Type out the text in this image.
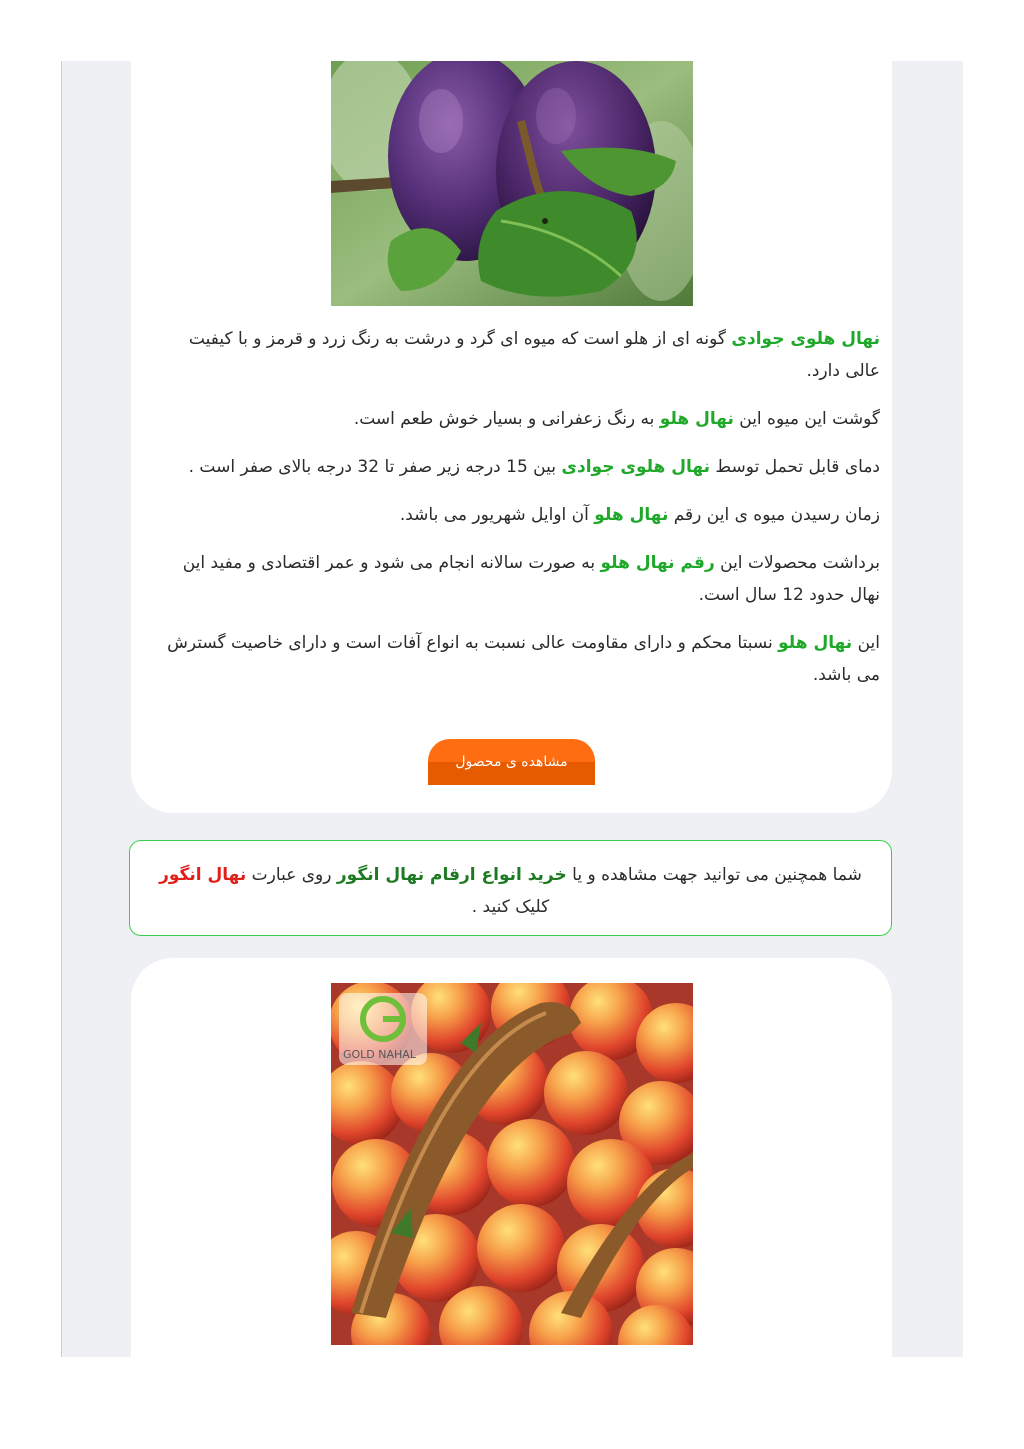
نهال هلوی جوادی گونه ای از هلو است که میوه ای گرد و درشت به رنگ زرد و قرمز و با کیفیت عالی دارد.

گوشت این میوه این نهال هلو به رنگ زعفرانی و بسیار خوش طعم است.

دمای قابل تحمل توسط نهال هلوی جوادی بین 15 درجه زیر صفر تا 32 درجه بالای صفر است .

زمان رسیدن میوه ی این رقم نهال هلو آن اوایل شهریور می باشد.

برداشت محصولات این رقم نهال هلو به صورت سالانه انجام می شود و عمر اقتصادی و مفید این نهال حدود 12 سال است.

این نهال هلو نسبتا محکم و دارای مقاومت عالی نسبت به انواع آفات است و دارای خاصیت گسترش می باشد.

مشاهده ی محصول
شما همچنین می توانید جهت مشاهده و یا خرید انواع ارقام نهال انگور روی عبارت نهال انگور کلیک کنید .
GOLD NAHAL
